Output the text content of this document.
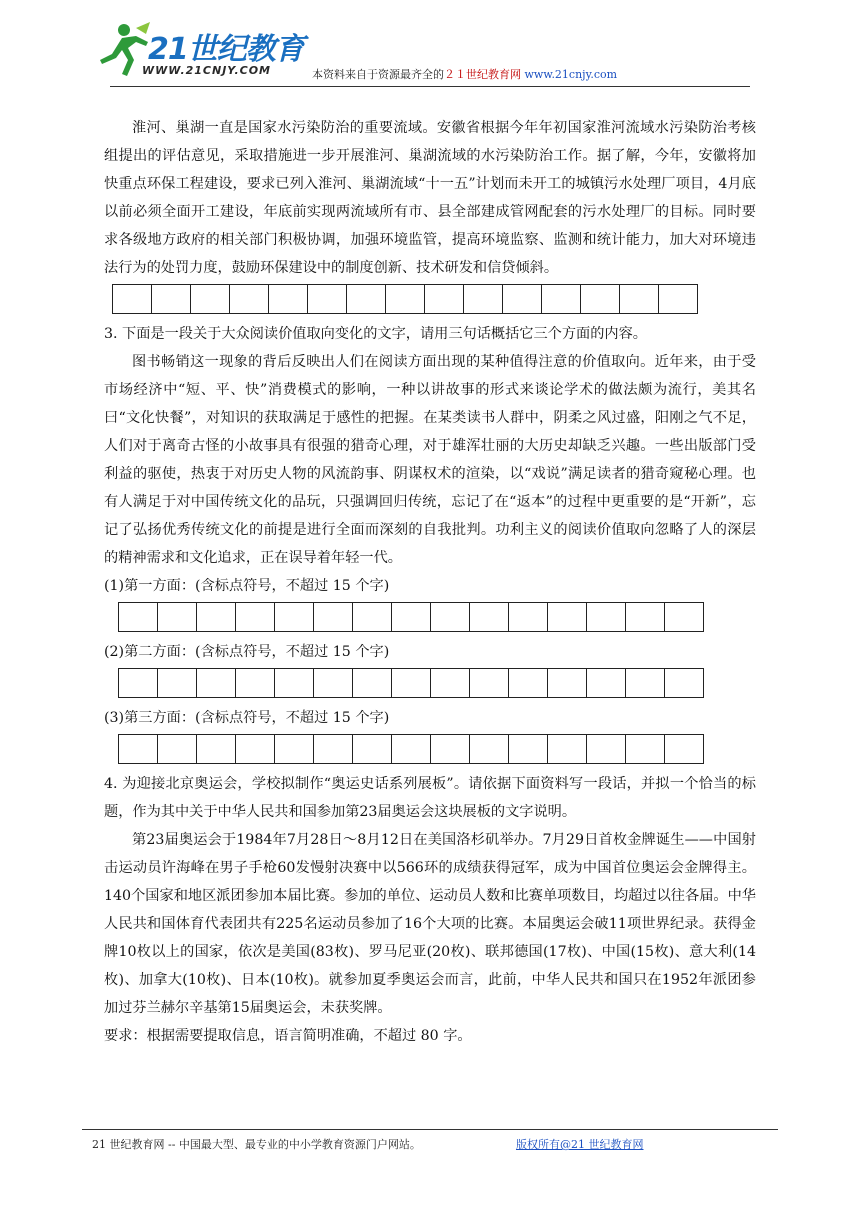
21世纪教育
WWW.21CNJY.COM	本资料来自于资源最齐全的２１世纪教育网 www.21cnjy.com

淮河、巢湖一直是国家水污染防治的重要流域。安徽省根据今年年初国家淮河流域水污染防治考核组提出的评估意见，采取措施进一步开展淮河、巢湖流域的水污染防治工作。据了解，今年，安徽将加快重点环保工程建设，要求已列入淮河、巢湖流域“十一五”计划而未开工的城镇污水处理厂项目，4月底以前必须全面开工建设，年底前实现两流域所有市、县全部建成管网配套的污水处理厂的目标。同时要求各级地方政府的相关部门积极协调，加强环境监管，提高环境监察、监测和统计能力，加大对环境违法行为的处罚力度，鼓励环保建设中的制度创新、技术研发和信贷倾斜。

3. 下面是一段关于大众阅读价值取向变化的文字，请用三句话概括它三个方面的内容。

图书畅销这一现象的背后反映出人们在阅读方面出现的某种值得注意的价值取向。近年来，由于受市场经济中“短、平、快”消费模式的影响，一种以讲故事的形式来谈论学术的做法颇为流行，美其名曰“文化快餐”，对知识的获取满足于感性的把握。在某类读书人群中，阴柔之风过盛，阳刚之气不足，人们对于离奇古怪的小故事具有很强的猎奇心理，对于雄浑壮丽的大历史却缺乏兴趣。一些出版部门受利益的驱使，热衷于对历史人物的风流韵事、阴谋权术的渲染，以“戏说”满足读者的猎奇窥秘心理。也有人满足于对中国传统文化的品玩，只强调回归传统，忘记了在“返本”的过程中更重要的是“开新”，忘记了弘扬优秀传统文化的前提是进行全面而深刻的自我批判。功利主义的阅读价值取向忽略了人的深层的精神需求和文化追求，正在误导着年轻一代。

(1)第一方面：(含标点符号，不超过 15 个字)

(2)第二方面：(含标点符号，不超过 15 个字)

(3)第三方面：(含标点符号，不超过 15 个字)

4. 为迎接北京奥运会，学校拟制作“奥运史话系列展板”。请依据下面资料写一段话，并拟一个恰当的标题，作为其中关于中华人民共和国参加第23届奥运会这块展板的文字说明。

第23届奥运会于1984年7月28日～8月12日在美国洛杉矶举办。7月29日首枚金牌诞生——中国射击运动员许海峰在男子手枪60发慢射决赛中以566环的成绩获得冠军，成为中国首位奥运会金牌得主。140个国家和地区派团参加本届比赛。参加的单位、运动员人数和比赛单项数目，均超过以往各届。中华人民共和国体育代表团共有225名运动员参加了16个大项的比赛。本届奥运会破11项世界纪录。获得金牌10枚以上的国家，依次是美国(83枚)、罗马尼亚(20枚)、联邦德国(17枚)、中国(15枚)、意大利(14枚)、加拿大(10枚)、日本(10枚)。就参加夏季奥运会而言，此前，中华人民共和国只在1952年派团参加过芬兰赫尔辛基第15届奥运会，未获奖牌。

要求：根据需要提取信息，语言简明准确，不超过 80 字。

21 世纪教育网 -- 中国最大型、最专业的中小学教育资源门户网站。	版权所有@21 世纪教育网
